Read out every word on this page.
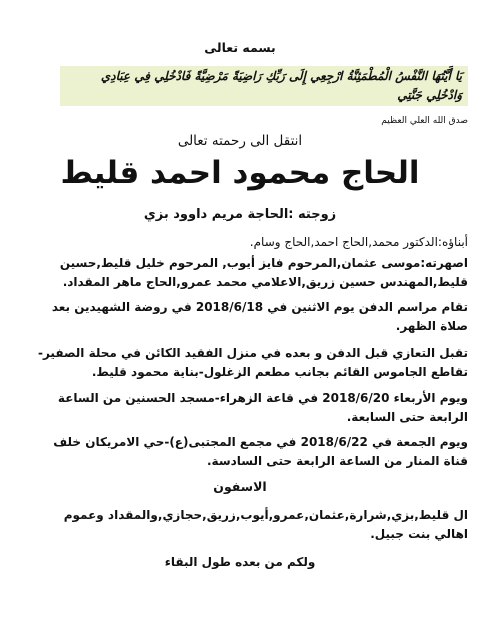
بسمه تعالى
يَا أَيَّتُهَا النَّفْسُ الْمُطْمَئِنَّةُ ارْجِعِي إِلَى رَبِّكِ رَاضِيَةً مَرْضِيَّةً فَادْخُلِي فِي عِبَادِي وَادْخُلِي جَنَّتِي
صدق الله العلي العظيم
انتقل الى رحمته تعالى
الحاج محمود احمد قليط
زوجته :الحاجة مريم داوود بزي
أبناؤه:الدكتور محمد,الحاج احمد,الحاج وسام.
اصهرته:موسى عثمان,المرحوم فايز أيوب, المرحوم خليل قليط,حسين قليط,المهندس حسين زريق,الاعلامي محمد عمرو,الحاج ماهر المقداد.
تقام مراسم الدفن يوم الاثنين في 2018/6/18 في روضة الشهيدين بعد صلاة الظهر.
تقبل التعازي قبل الدفن و بعده في منزل الفقيد الكائن في محلة الصفير-تقاطع الجاموس القائم بجانب مطعم الزغلول-بناية محمود قليط.
ويوم الأربعاء 2018/6/20 في قاعة الزهراء-مسجد الحسنين من الساعة الرابعة حتى السابعة.
ويوم الجمعة في 2018/6/22 في مجمع المجتبى(ع)-حي الامريكان خلف قناة المنار من الساعة الرابعة حتى السادسة.
الاسفون
ال قليط,بزي,شرارة,عثمان,عمرو,أيوب,زريق,حجازي,والمقداد وعموم اهالي بنت جبيل.
ولكم من بعده طول البقاء
